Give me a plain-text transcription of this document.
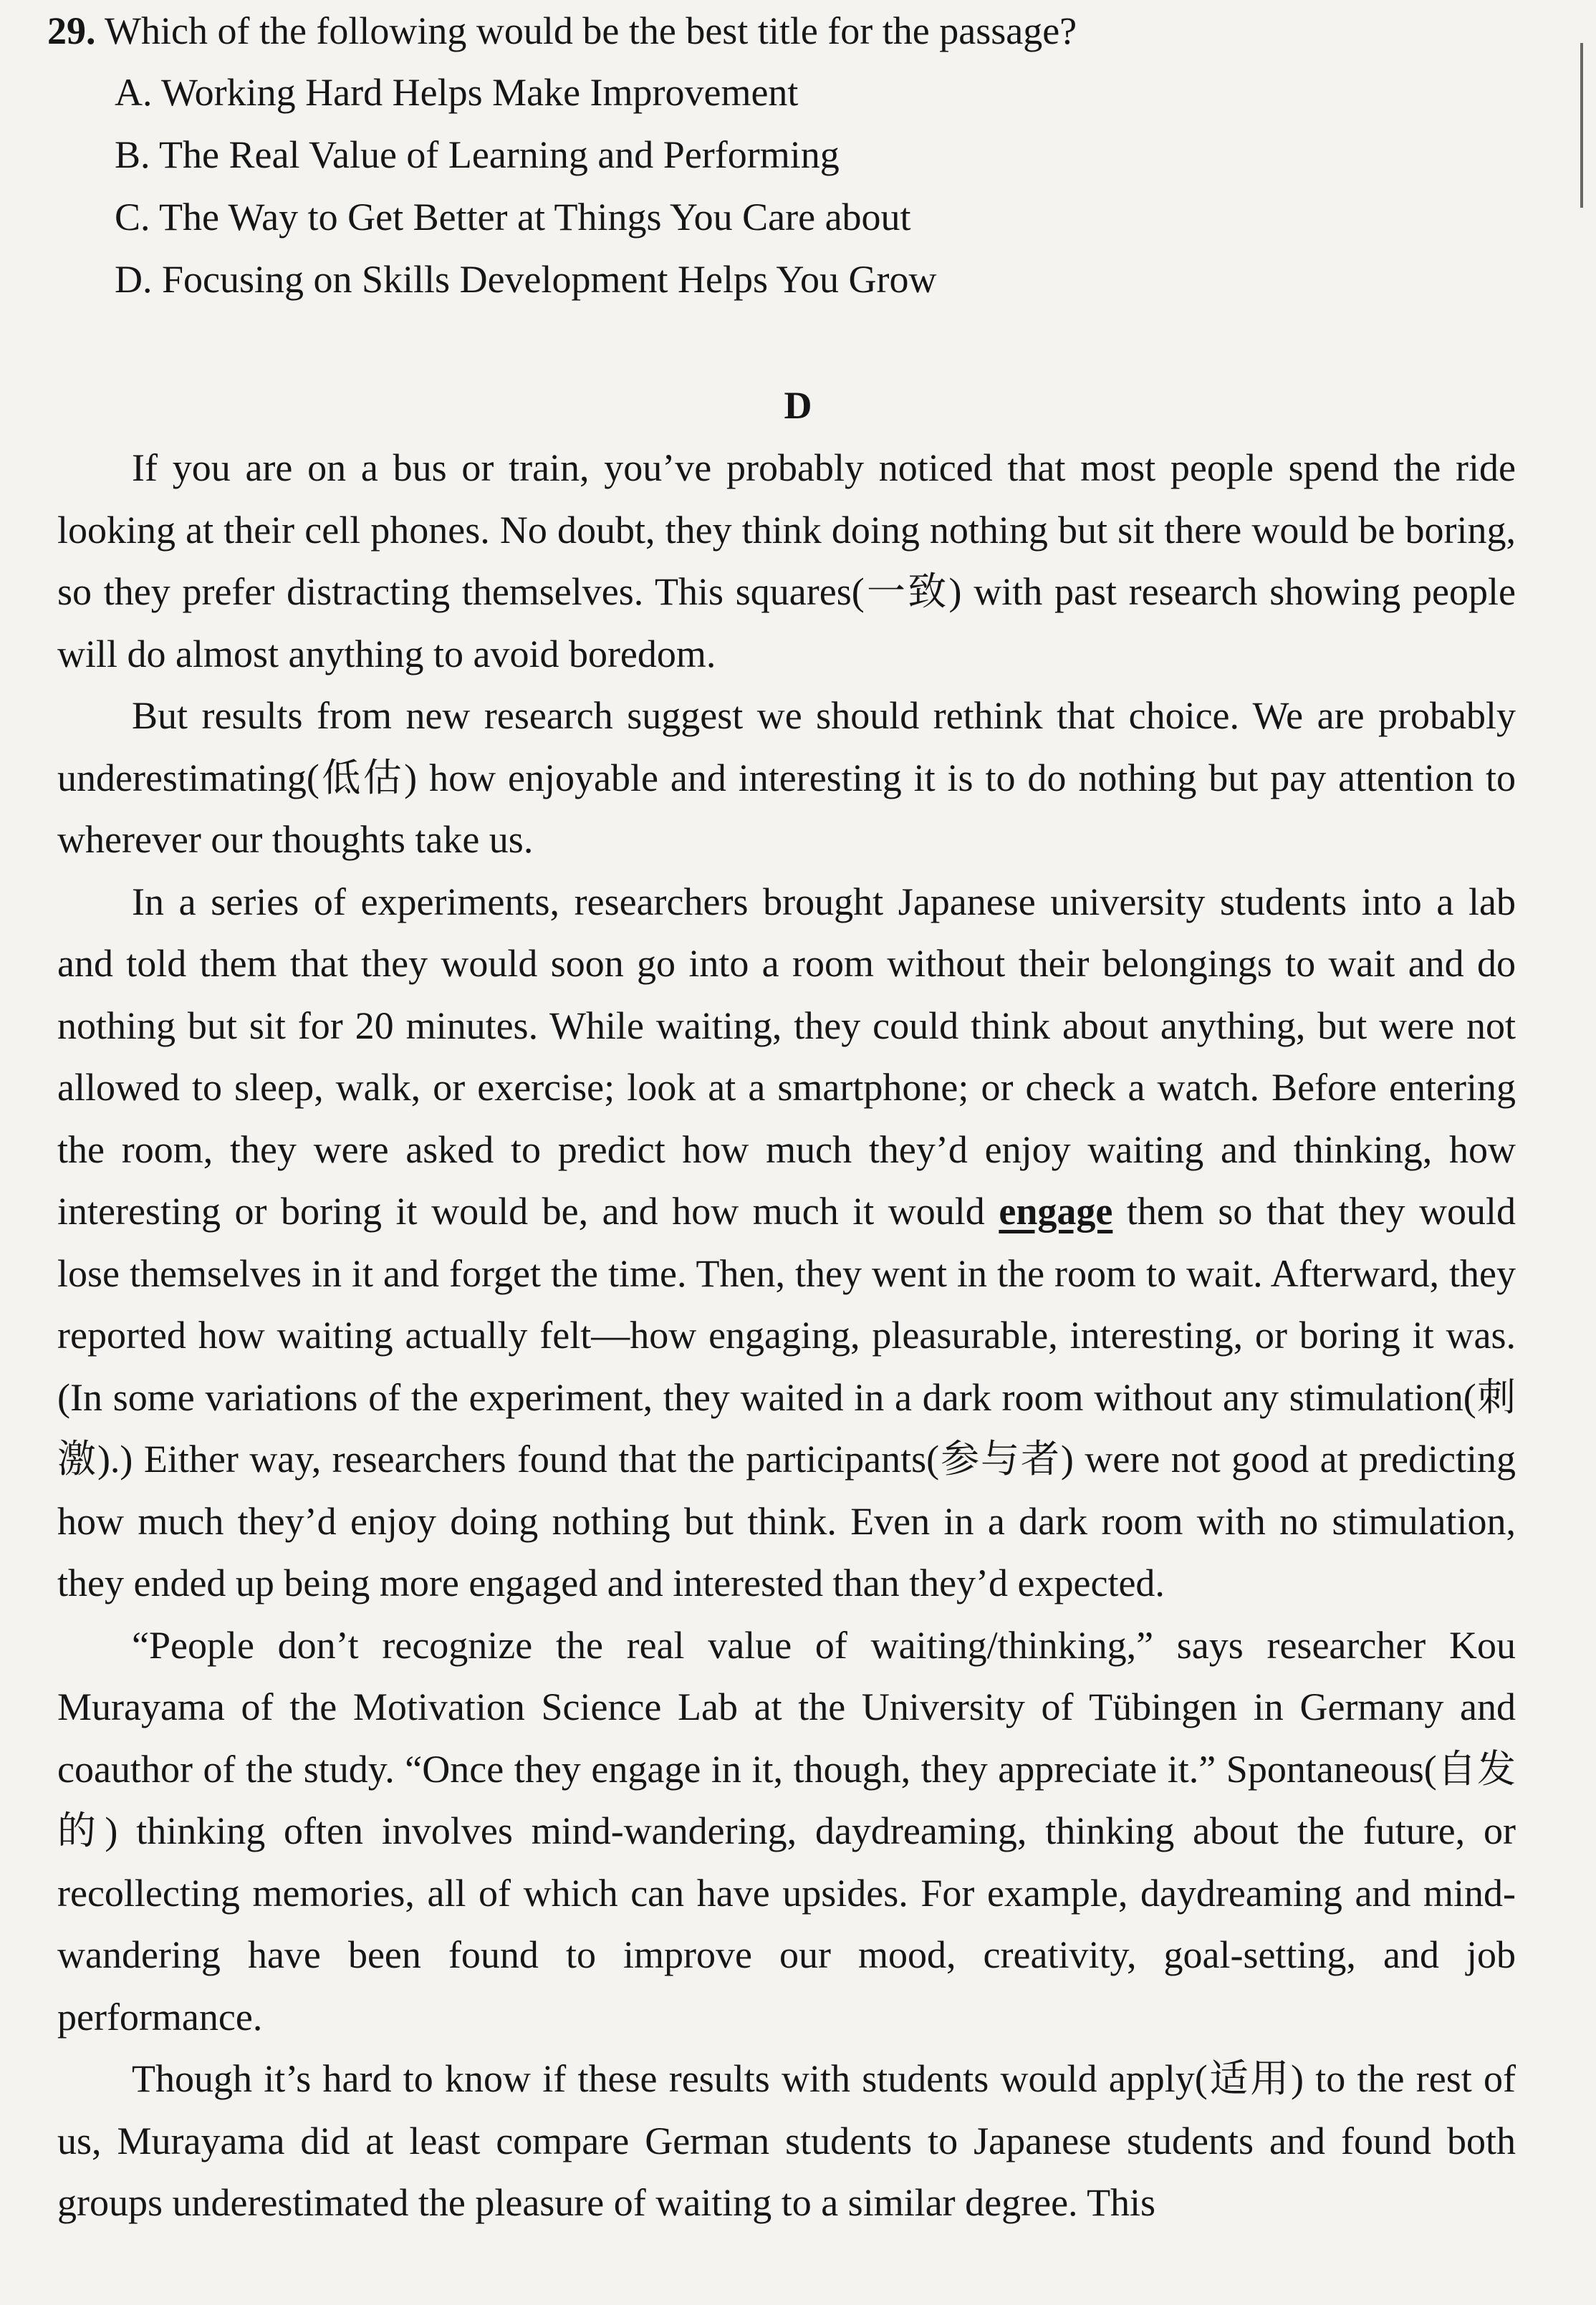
29. Which of the following would be the best title for the passage?

A. Working Hard Helps Make Improvement
B. The Real Value of Learning and Performing
C. The Way to Get Better at Things You Care about
D. Focusing on Skills Development Helps You Grow
D

If you are on a bus or train, you’ve probably noticed that most people spend the ride looking at their cell phones. No doubt, they think doing nothing but sit there would be boring, so they prefer distracting themselves. This squares(一致) with past research showing people will do almost anything to avoid boredom.

But results from new research suggest we should rethink that choice. We are probably underestimating(低估) how enjoyable and interesting it is to do nothing but pay attention to wherever our thoughts take us.

In a series of experiments, researchers brought Japanese university students into a lab and told them that they would soon go into a room without their belongings to wait and do nothing but sit for 20 minutes. While waiting, they could think about anything, but were not allowed to sleep, walk, or exercise; look at a smartphone; or check a watch. Before entering the room, they were asked to predict how much they’d enjoy waiting and thinking, how interesting or boring it would be, and how much it would engage them so that they would lose themselves in it and forget the time. Then, they went in the room to wait. Afterward, they reported how waiting actually felt—how engaging, pleasurable, interesting, or boring it was. (In some variations of the experiment, they waited in a dark room without any stimulation(刺激).) Either way, researchers found that the participants(参与者) were not good at predicting how much they’d enjoy doing nothing but think. Even in a dark room with no stimulation, they ended up being more engaged and interested than they’d expected.

“People don’t recognize the real value of waiting/thinking,” says researcher Kou Murayama of the Motivation Science Lab at the University of Tübingen in Germany and coauthor of the study. “Once they engage in it, though, they appreciate it.” Spontaneous(自发的) thinking often involves mind-wandering, daydreaming, thinking about the future, or recollecting memories, all of which can have upsides. For example, daydreaming and mind-wandering have been found to improve our mood, creativity, goal-setting, and job performance.

Though it’s hard to know if these results with students would apply(适用) to the rest of us, Murayama did at least compare German students to Japanese students and found both groups underestimated the pleasure of waiting to a similar degree. This
